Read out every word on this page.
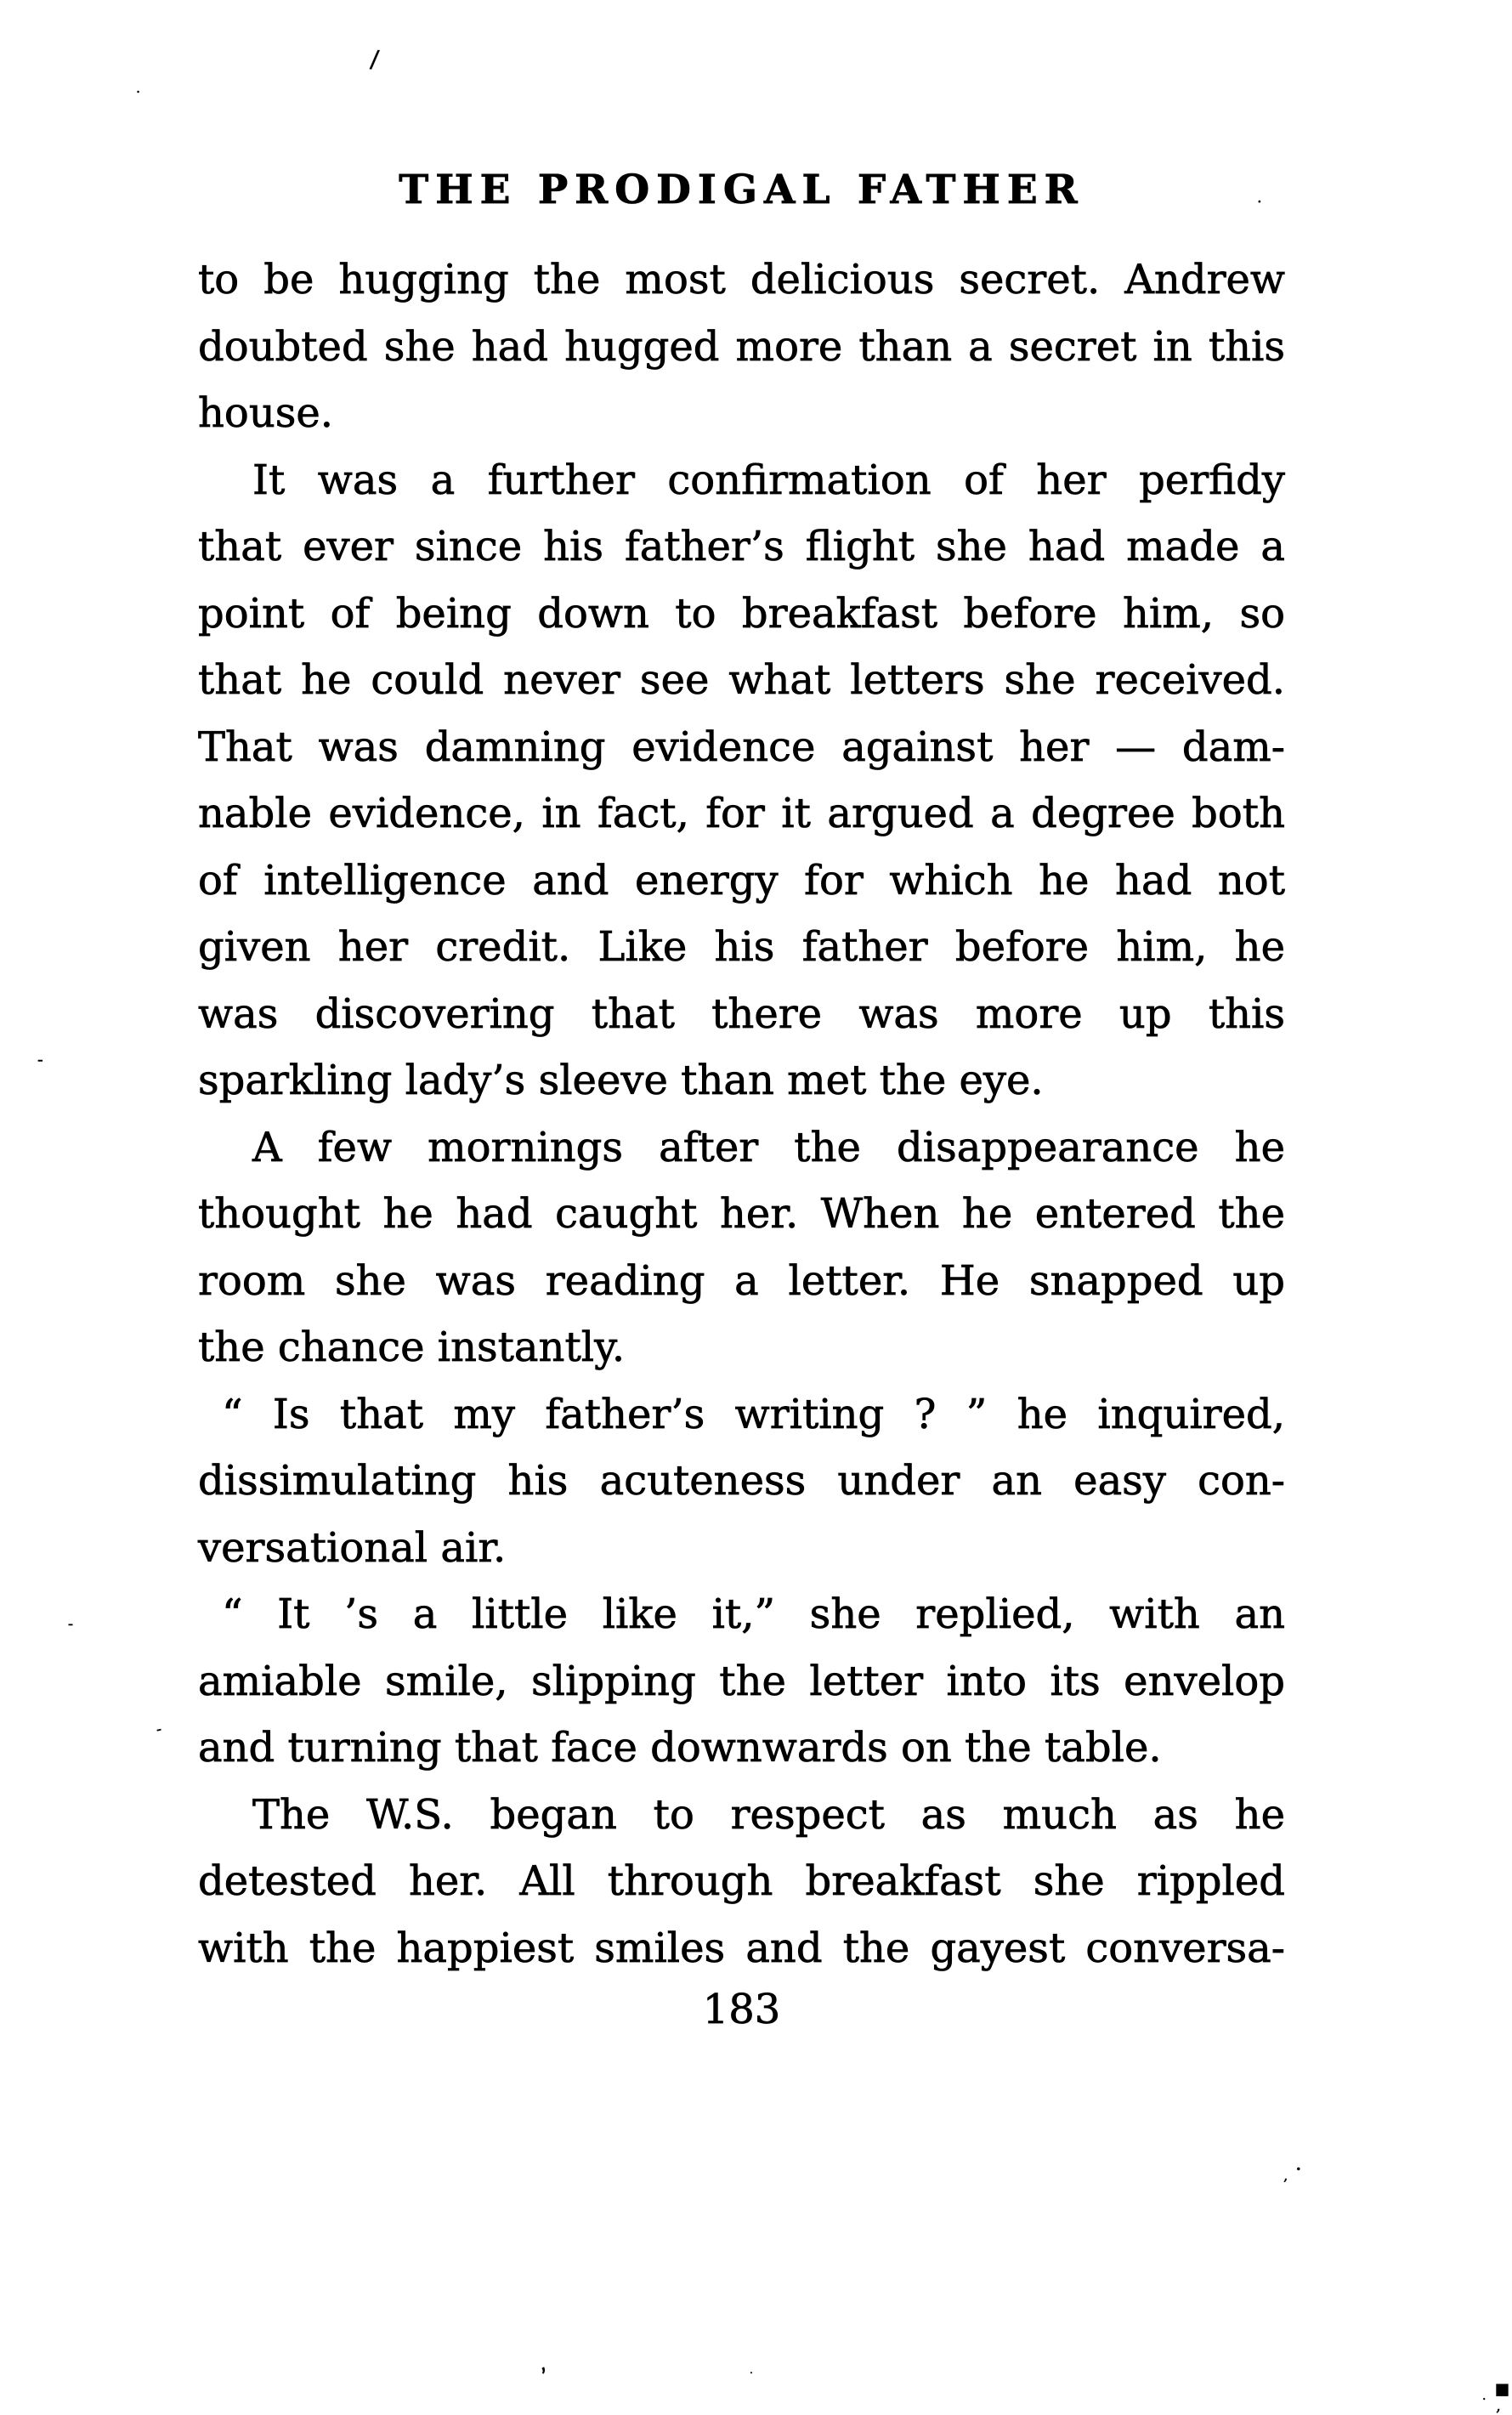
THE PRODIGAL FATHER
to be hugging the most delicious secret. Andrew
doubted she had hugged more than a secret in this
house.
It was a further confirmation of her perfidy
that ever since his father’s flight she had made a
point of being down to breakfast before him, so
that he could never see what letters she received.
That was damning evidence against her — dam-
nable evidence, in fact, for it argued a degree both
of intelligence and energy for which he had not
given her credit. Like his father before him, he
was discovering that there was more up this
sparkling lady’s sleeve than met the eye.
A few mornings after the disappearance he
thought he had caught her. When he entered the
room she was reading a letter. He snapped up
the chance instantly.
“ Is that my father’s writing ? ” he inquired,
dissimulating his acuteness under an easy con-
versational air.
“ It ’s a little like it,” she replied, with an
amiable smile, slipping the letter into its envelop
and turning that face downwards on the table.
The W.S. began to respect as much as he
detested her. All through breakfast she rippled
with the happiest smiles and the gayest conversa-
183
/
.
.
-
-
-
·
‚
,	.
▪
· ‚
